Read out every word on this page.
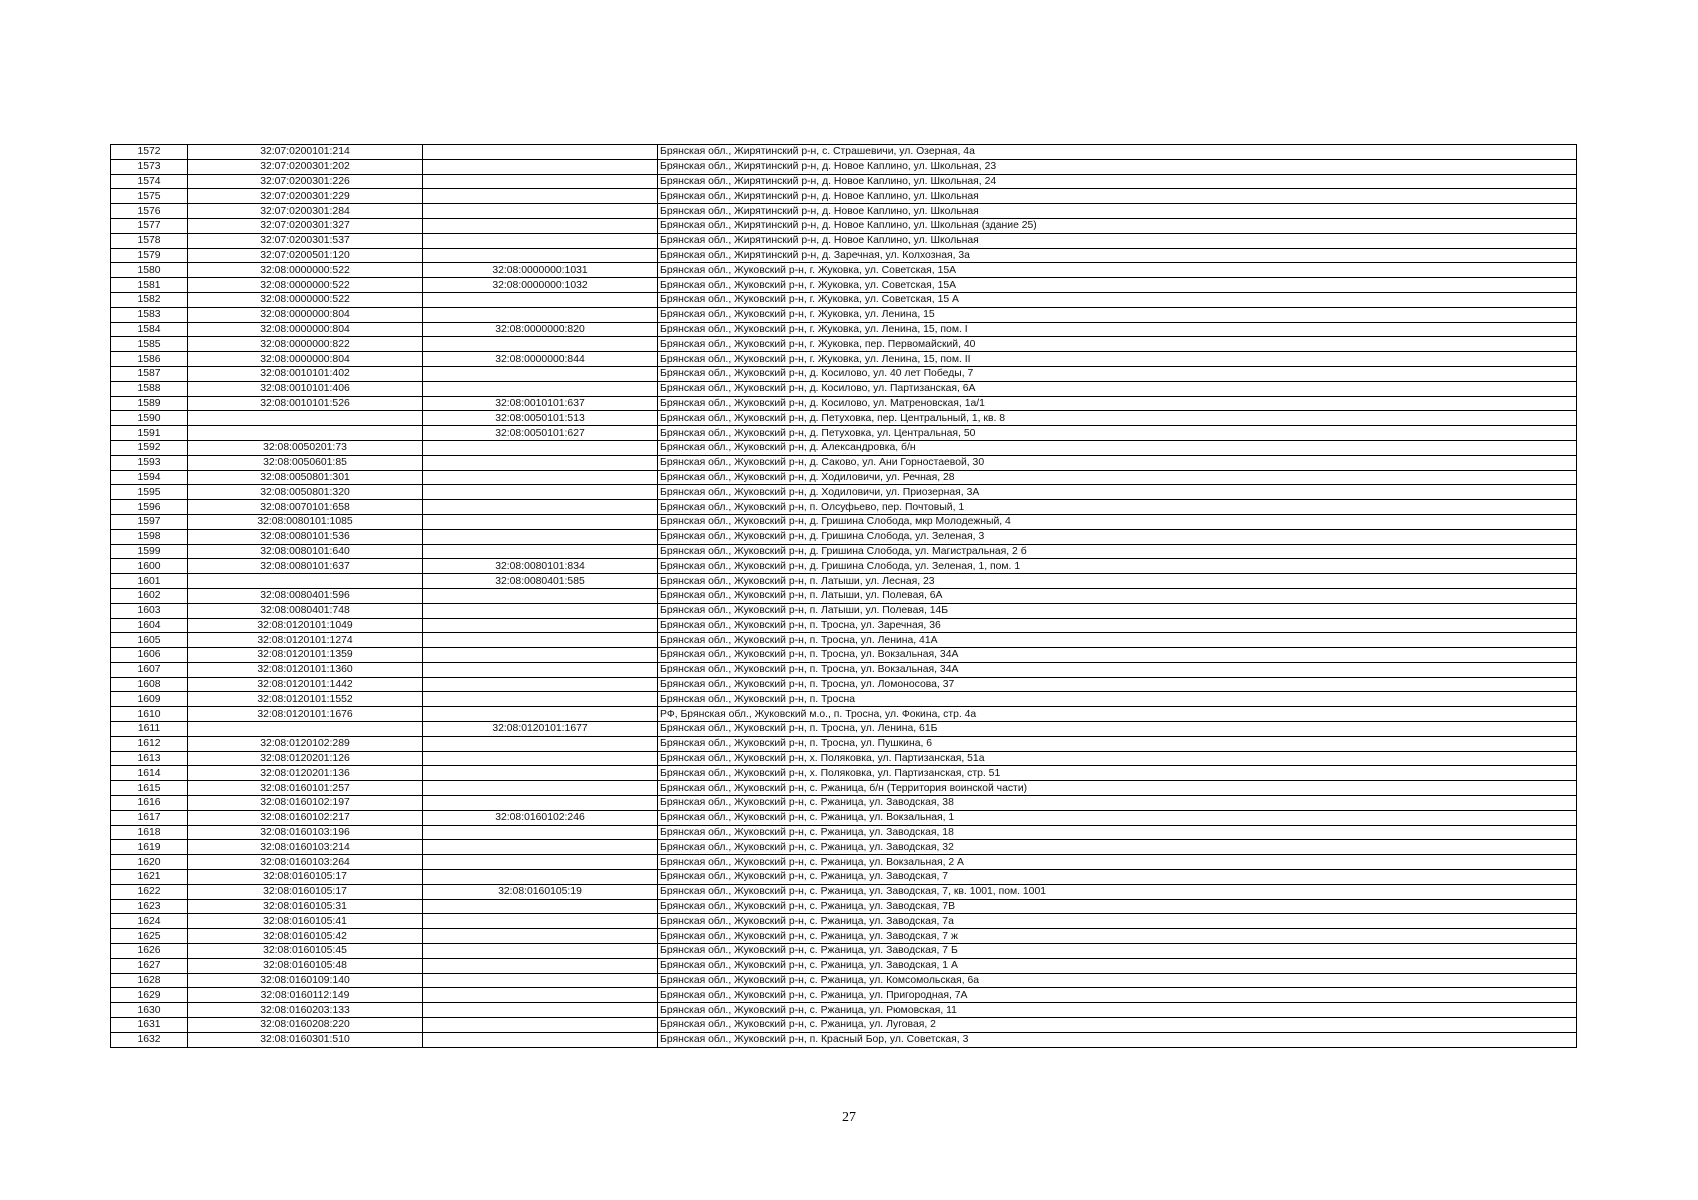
1572	32:07:0200101:214		Брянская обл., Жирятинский р-н, с. Страшевичи, ул. Озерная, 4а
1573	32:07:0200301:202		Брянская обл., Жирятинский р-н, д. Новое Каплино, ул. Школьная, 23
1574	32:07:0200301:226		Брянская обл., Жирятинский р-н, д. Новое Каплино, ул. Школьная, 24
1575	32:07:0200301:229		Брянская обл., Жирятинский р-н, д. Новое Каплино, ул. Школьная
1576	32:07:0200301:284		Брянская обл., Жирятинский р-н, д. Новое Каплино, ул. Школьная
1577	32:07:0200301:327		Брянская обл., Жирятинский р-н, д. Новое Каплино, ул. Школьная (здание 25)
1578	32:07:0200301:537		Брянская обл., Жирятинский р-н, д. Новое Каплино, ул. Школьная
1579	32:07:0200501:120		Брянская обл., Жирятинский р-н, д. Заречная, ул. Колхозная, 3а
1580	32:08:0000000:522	32:08:0000000:1031	Брянская обл., Жуковский р-н, г. Жуковка, ул. Советская, 15А
1581	32:08:0000000:522	32:08:0000000:1032	Брянская обл., Жуковский р-н, г. Жуковка, ул. Советская, 15А
1582	32:08:0000000:522		Брянская обл., Жуковский р-н, г. Жуковка, ул. Советская, 15 А
1583	32:08:0000000:804		Брянская обл., Жуковский р-н, г. Жуковка, ул. Ленина, 15
1584	32:08:0000000:804	32:08:0000000:820	Брянская обл., Жуковский р-н, г. Жуковка, ул. Ленина, 15, пом. I
1585	32:08:0000000:822		Брянская обл., Жуковский р-н, г. Жуковка, пер. Первомайский, 40
1586	32:08:0000000:804	32:08:0000000:844	Брянская обл., Жуковский р-н, г. Жуковка, ул. Ленина, 15, пом. II
1587	32:08:0010101:402		Брянская обл., Жуковский р-н, д. Косилово, ул. 40 лет Победы, 7
1588	32:08:0010101:406		Брянская обл., Жуковский р-н, д. Косилово, ул. Партизанская, 6А
1589	32:08:0010101:526	32:08:0010101:637	Брянская обл., Жуковский р-н, д. Косилово, ул. Матреновская, 1а/1
1590		32:08:0050101:513	Брянская обл., Жуковский р-н, д. Петуховка, пер. Центральный, 1, кв. 8
1591		32:08:0050101:627	Брянская обл., Жуковский р-н, д. Петуховка, ул. Центральная, 50
1592	32:08:0050201:73		Брянская обл., Жуковский р-н, д. Александровка, б/н
1593	32:08:0050601:85		Брянская обл., Жуковский р-н, д. Саково, ул. Ани Горностаевой, 30
1594	32:08:0050801:301		Брянская обл., Жуковский р-н, д. Ходиловичи, ул. Речная, 28
1595	32:08:0050801:320		Брянская обл., Жуковский р-н, д. Ходиловичи, ул. Приозерная, 3А
1596	32:08:0070101:658		Брянская обл., Жуковский р-н, п. Олсуфьево, пер. Почтовый, 1
1597	32:08:0080101:1085		Брянская обл., Жуковский р-н, д. Гришина Слобода, мкр Молодежный, 4
1598	32:08:0080101:536		Брянская обл., Жуковский р-н, д. Гришина Слобода, ул. Зеленая, 3
1599	32:08:0080101:640		Брянская обл., Жуковский р-н, д. Гришина Слобода, ул. Магистральная, 2 б
1600	32:08:0080101:637	32:08:0080101:834	Брянская обл., Жуковский р-н, д. Гришина Слобода, ул. Зеленая, 1, пом. 1
1601		32:08:0080401:585	Брянская обл., Жуковский р-н, п. Латыши, ул. Лесная, 23
1602	32:08:0080401:596		Брянская обл., Жуковский р-н, п. Латыши, ул. Полевая, 6А
1603	32:08:0080401:748		Брянская обл., Жуковский р-н, п. Латыши, ул. Полевая, 14Б
1604	32:08:0120101:1049		Брянская обл., Жуковский р-н, п. Тросна, ул. Заречная, 36
1605	32:08:0120101:1274		Брянская обл., Жуковский р-н, п. Тросна, ул. Ленина, 41А
1606	32:08:0120101:1359		Брянская обл., Жуковский р-н, п. Тросна, ул. Вокзальная, 34А
1607	32:08:0120101:1360		Брянская обл., Жуковский р-н, п. Тросна, ул. Вокзальная, 34А
1608	32:08:0120101:1442		Брянская обл., Жуковский р-н, п. Тросна, ул. Ломоносова, 37
1609	32:08:0120101:1552		Брянская обл., Жуковский р-н, п. Тросна
1610	32:08:0120101:1676		РФ, Брянская обл., Жуковский м.о., п. Тросна, ул. Фокина, стр. 4а
1611		32:08:0120101:1677	Брянская обл., Жуковский р-н, п. Тросна, ул. Ленина, 61Б
1612	32:08:0120102:289		Брянская обл., Жуковский р-н, п. Тросна, ул. Пушкина, 6
1613	32:08:0120201:126		Брянская обл., Жуковский р-н, х. Поляковка, ул. Партизанская, 51а
1614	32:08:0120201:136		Брянская обл., Жуковский р-н, х. Поляковка, ул. Партизанская, стр. 51
1615	32:08:0160101:257		Брянская обл., Жуковский р-н, с. Ржаница, б/н (Территория воинской части)
1616	32:08:0160102:197		Брянская обл., Жуковский р-н, с. Ржаница, ул. Заводская, 38
1617	32:08:0160102:217	32:08:0160102:246	Брянская обл., Жуковский р-н, с. Ржаница, ул. Вокзальная, 1
1618	32:08:0160103:196		Брянская обл., Жуковский р-н, с. Ржаница, ул. Заводская, 18
1619	32:08:0160103:214		Брянская обл., Жуковский р-н, с. Ржаница, ул. Заводская, 32
1620	32:08:0160103:264		Брянская обл., Жуковский р-н, с. Ржаница, ул. Вокзальная, 2 А
1621	32:08:0160105:17		Брянская обл., Жуковский р-н, с. Ржаница, ул. Заводская, 7
1622	32:08:0160105:17	32:08:0160105:19	Брянская обл., Жуковский р-н, с. Ржаница, ул. Заводская, 7, кв. 1001, пом. 1001
1623	32:08:0160105:31		Брянская обл., Жуковский р-н, с. Ржаница, ул. Заводская, 7В
1624	32:08:0160105:41		Брянская обл., Жуковский р-н, с. Ржаница, ул. Заводская, 7а
1625	32:08:0160105:42		Брянская обл., Жуковский р-н, с. Ржаница, ул. Заводская, 7 ж
1626	32:08:0160105:45		Брянская обл., Жуковский р-н, с. Ржаница, ул. Заводская, 7 Б
1627	32:08:0160105:48		Брянская обл., Жуковский р-н, с. Ржаница, ул. Заводская, 1 А
1628	32:08:0160109:140		Брянская обл., Жуковский р-н, с. Ржаница, ул. Комсомольская, 6а
1629	32:08:0160112:149		Брянская обл., Жуковский р-н, с. Ржаница, ул. Пригородная, 7А
1630	32:08:0160203:133		Брянская обл., Жуковский р-н, с. Ржаница, ул. Рюмовская, 11
1631	32:08:0160208:220		Брянская обл., Жуковский р-н, с. Ржаница, ул. Луговая, 2
1632	32:08:0160301:510		Брянская обл., Жуковский р-н, п. Красный Бор, ул. Советская, 3
27
